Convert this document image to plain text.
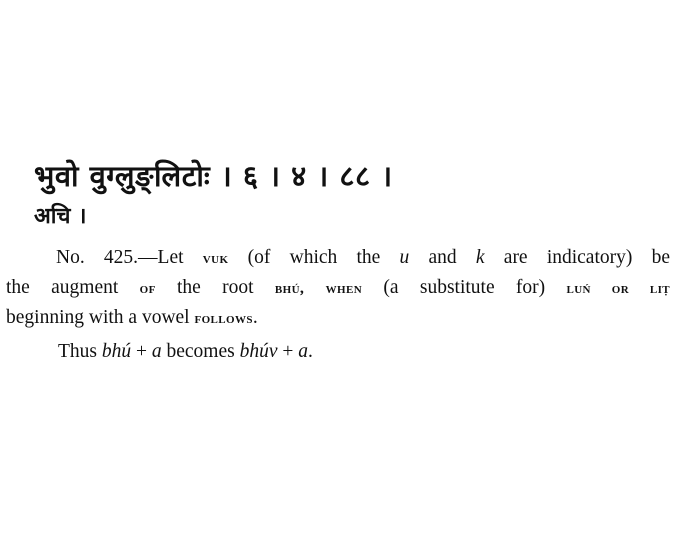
भुवो वुग्लुङ्लिटोः । ६ । ४ । ८८ ।
अचि ।

No. 425.—Let vuk (of which the u and k are indicatory) be
the augment of the root bhú, when (a substitute for) luń or liṭ
beginning with a vowel follows.

Thus bhú + a becomes bhúv + a.
